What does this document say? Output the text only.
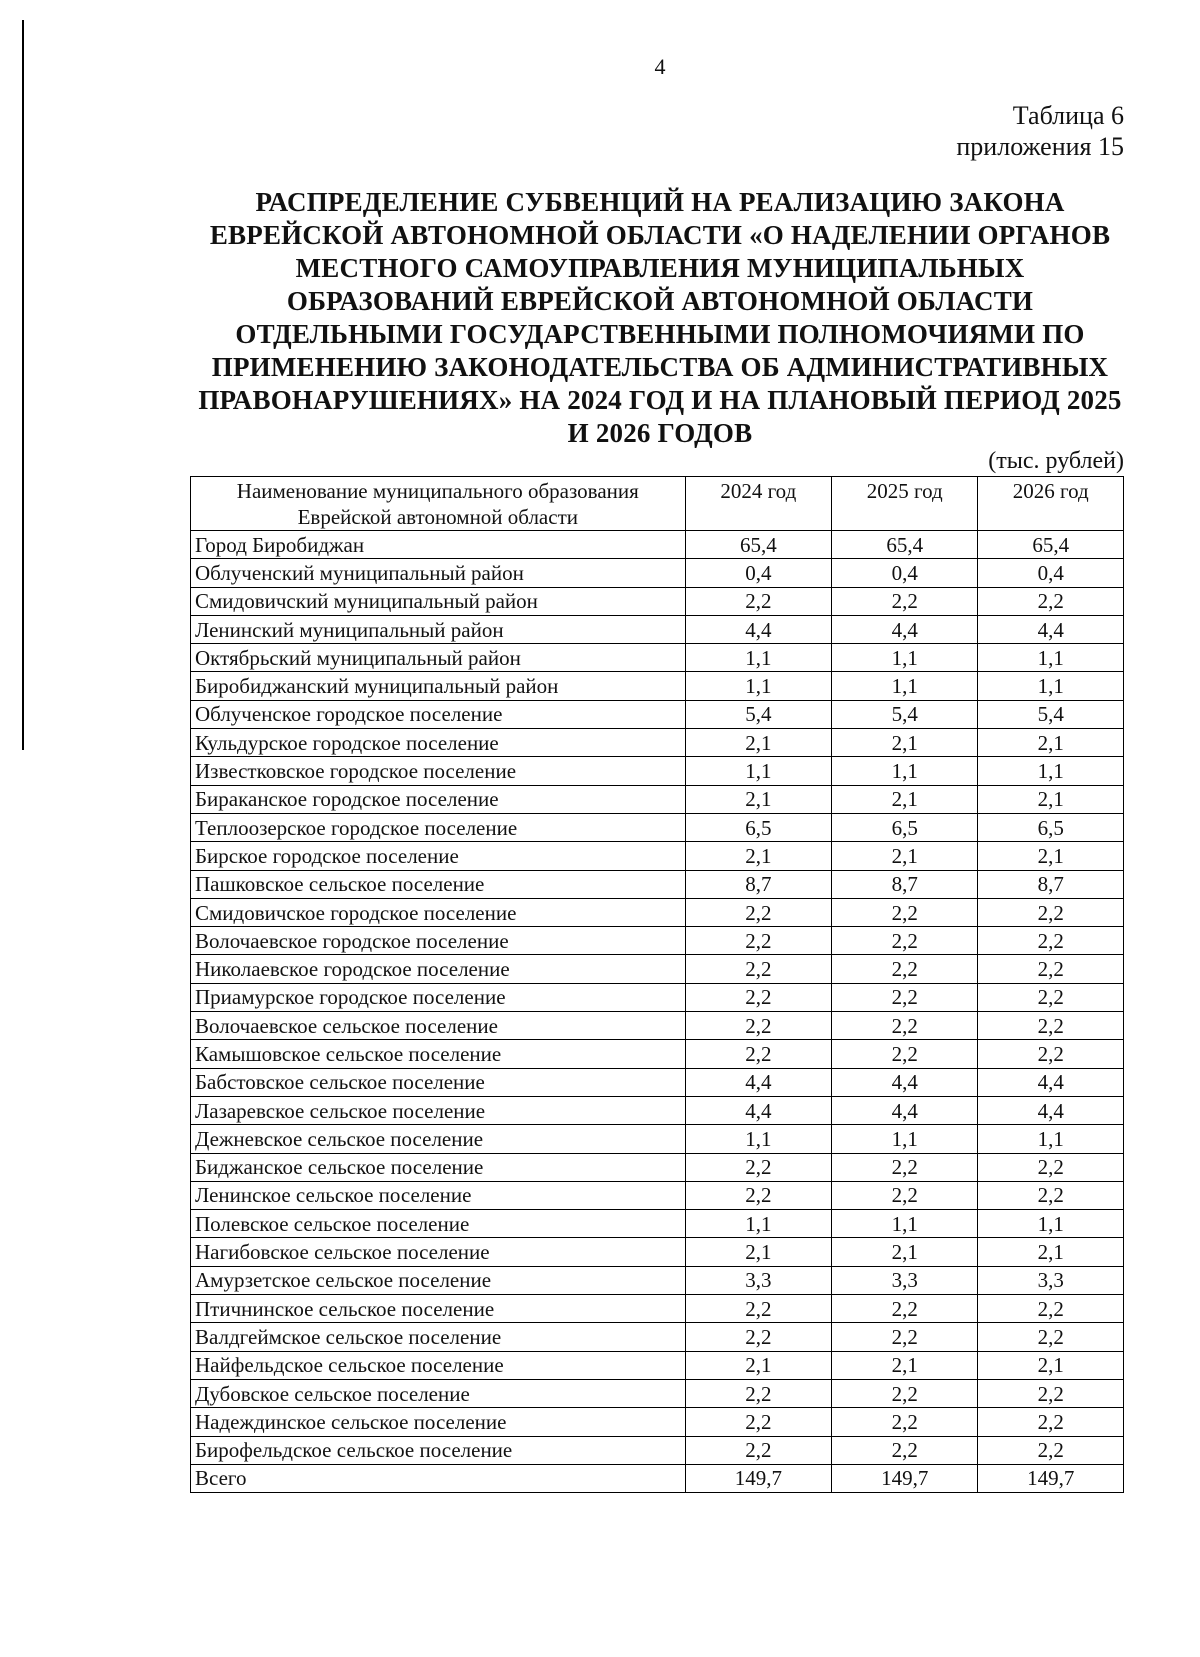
4
Таблица 6
приложения 15
РАСПРЕДЕЛЕНИЕ СУБВЕНЦИЙ НА РЕАЛИЗАЦИЮ ЗАКОНА ЕВРЕЙСКОЙ АВТОНОМНОЙ ОБЛАСТИ «О НАДЕЛЕНИИ ОРГАНОВ МЕСТНОГО САМОУПРАВЛЕНИЯ МУНИЦИПАЛЬНЫХ ОБРАЗОВАНИЙ ЕВРЕЙСКОЙ АВТОНОМНОЙ ОБЛАСТИ ОТДЕЛЬНЫМИ ГОСУДАРСТВЕННЫМИ ПОЛНОМОЧИЯМИ ПО ПРИМЕНЕНИЮ ЗАКОНОДАТЕЛЬСТВА ОБ АДМИНИСТРАТИВНЫХ ПРАВОНАРУШЕНИЯХ» НА 2024 ГОД И НА ПЛАНОВЫЙ ПЕРИОД 2025 И 2026 ГОДОВ
(тыс. рублей)
Наименование муниципального образования
Еврейской автономной области	2024 год	2025 год	2026 год
Город Биробиджан	65,4	65,4	65,4
Облученский муниципальный район	0,4	0,4	0,4
Смидовичский муниципальный район	2,2	2,2	2,2
Ленинский муниципальный район	4,4	4,4	4,4
Октябрьский муниципальный район	1,1	1,1	1,1
Биробиджанский муниципальный район	1,1	1,1	1,1
Облученское городское поселение	5,4	5,4	5,4
Кульдурское городское поселение	2,1	2,1	2,1
Известковское городское поселение	1,1	1,1	1,1
Бираканское городское поселение	2,1	2,1	2,1
Теплоозерское городское поселение	6,5	6,5	6,5
Бирское городское поселение	2,1	2,1	2,1
Пашковское сельское поселение	8,7	8,7	8,7
Смидовичское городское поселение	2,2	2,2	2,2
Волочаевское городское поселение	2,2	2,2	2,2
Николаевское городское поселение	2,2	2,2	2,2
Приамурское городское поселение	2,2	2,2	2,2
Волочаевское сельское поселение	2,2	2,2	2,2
Камышовское сельское поселение	2,2	2,2	2,2
Бабстовское сельское поселение	4,4	4,4	4,4
Лазаревское сельское поселение	4,4	4,4	4,4
Дежневское сельское поселение	1,1	1,1	1,1
Биджанское сельское поселение	2,2	2,2	2,2
Ленинское сельское поселение	2,2	2,2	2,2
Полевское сельское поселение	1,1	1,1	1,1
Нагибовское сельское поселение	2,1	2,1	2,1
Амурзетское сельское поселение	3,3	3,3	3,3
Птичнинское сельское поселение	2,2	2,2	2,2
Валдгеймское сельское поселение	2,2	2,2	2,2
Найфельдское сельское поселение	2,1	2,1	2,1
Дубовское сельское поселение	2,2	2,2	2,2
Надеждинское сельское поселение	2,2	2,2	2,2
Бирофельдское сельское поселение	2,2	2,2	2,2
Всего	149,7	149,7	149,7
